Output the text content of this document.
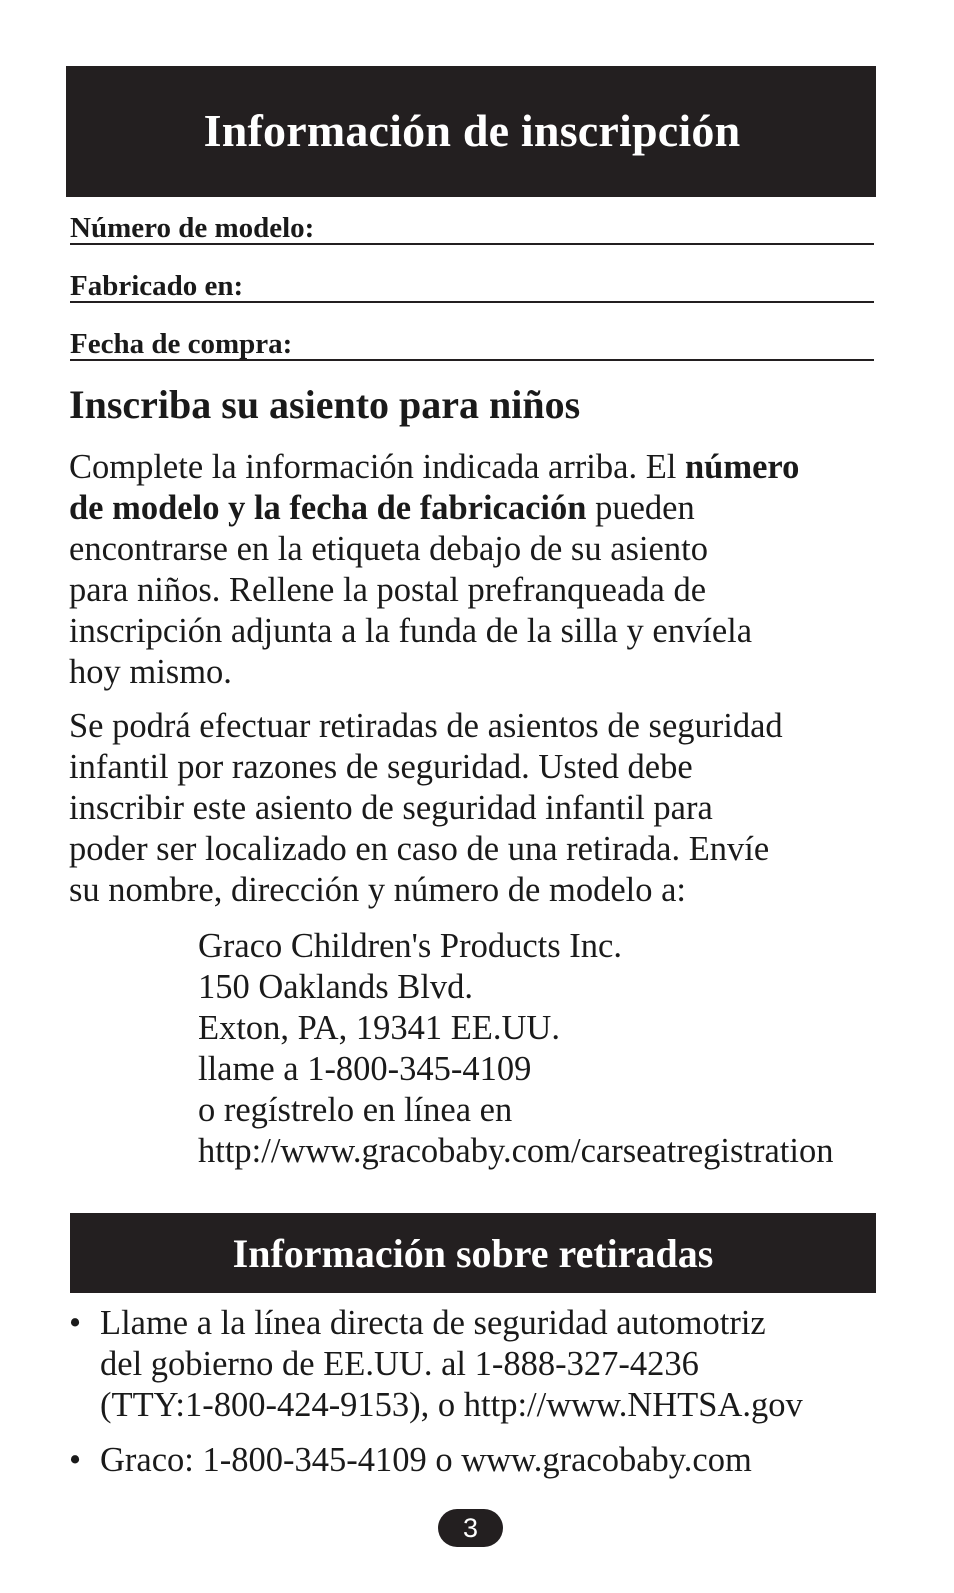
Información de inscripción
Número de modelo:
Fabricado en:
Fecha de compra:
Inscriba su asiento para niños

Complete la información indicada arriba. El número
de modelo y la fecha de fabricación pueden
encontrarse en la etiqueta debajo de su asiento
para niños. Rellene la postal prefranqueada de
inscripción adjunta a la funda de la silla y envíela
hoy mismo.

Se podrá efectuar retiradas de asientos de seguridad
infantil por razones de seguridad. Usted debe
inscribir este asiento de seguridad infantil para
poder ser localizado en caso de una retirada. Envíe
su nombre, dirección y número de modelo a:

Graco Children's Products Inc.
150 Oaklands Blvd.
Exton, PA, 19341 EE.UU.
llame a 1-800-345-4109
o regístrelo en línea en
http://www.gracobaby.com/carseatregistration

Información sobre retiradas
• Llame a la línea directa de seguridad automotriz
del gobierno de EE.UU. al 1-888-327-4236
(TTY:1-800-424-9153), o http://www.NHTSA.gov
• Graco: 1-800-345-4109 o www.gracobaby.com
3
